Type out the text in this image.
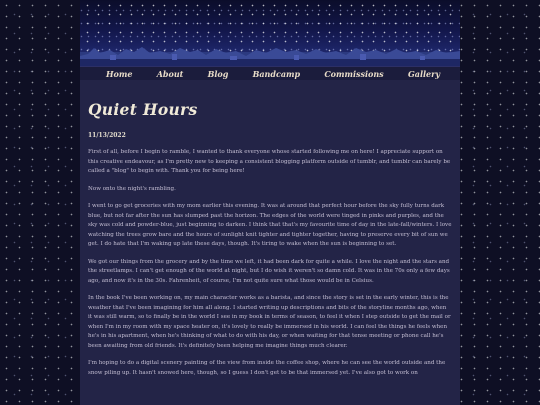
Home	About	Blog	Bandcamp	Commissions	Gallery
Quiet Hours
11/13/2022

First of all, before I begin to ramble, I wanted to thank everyone whose started following me on here! I appreciate support on this creative endeavour, as I'm pretty new to keeping a consistent blogging platform outside of tumblr, and tumblr can barely be called a "blog" to begin with. Thank you for being here!

Now onto the night's rambling.

I went to go get groceries with my mom earlier this evening. It was at around that perfect hour before the sky fully turns dark blue, but not far after the sun has slumped past the horizon. The edges of the world were tinged in pinks and purples, and the sky was cold and powder-blue, just beginning to darken. I think that that's my favourite time of day in the late-fall/winters. I love watching the trees grow bare and the hours of sunlight knit tighter and tighter together, having to preserve every bit of sun we get. I do hate that I'm waking up late these days, though. It's tiring to wake when the sun is beginning to set.

We got our things from the grocery and by the time we left, it had been dark for quite a while. I love the night and the stars and the streetlamps. I can't get enough of the world at night, but I do wish it weren't so damn cold. It was in the 70s only a few days ago, and now it's in the 30s. Fahrenheit, of course, I'm not quite sure what those would be in Celsius.

In the book I've been working on, my main character works as a barista, and since the story is set in the early winter, this is the weather that I've been imagining for him all along. I started writing up descriptions and bits of the storyline months ago, when it was still warm, so to finally be in the world I see in my book in terms of season, to feel it when I step outside to get the mail or when I'm in my room with my space heater on, it's lovely to really be immersed in his world. I can feel the things he feels when he's in his apartment, when he's thinking of what to do with his day, or when waiting for that tense meeting or phone call he's been awaiting from old friends. It's definitely been helping me imagine things much clearer.

I'm hoping to do a digital scenery painting of the view from inside the coffee shop, where he can see the world outside and the snow piling up. It hasn't snowed here, though, so I guess I don't get to be that immersed yet. I've also got to work on
